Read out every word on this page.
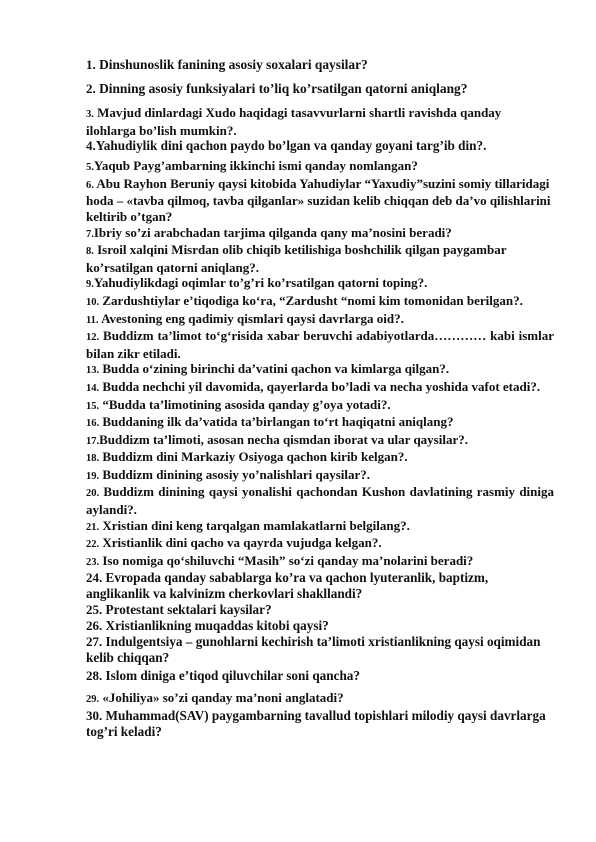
1. Dinshunoslik fanining asosiy soxalari qaysilar?

2. Dinning asosiy funksiyalari to’liq ko’rsatilgan qatorni aniqlang?

3. Mavjud dinlardagi Xudo haqidagi tasavvurlarni shartli ravishda qanday ilohlarga bo’lish mumkin?.

4.Yahudiylik dini qachon paydo bo’lgan va qanday goyani targ’ib din?.

5.Yaqub Payg’ambarning ikkinchi ismi qanday nomlangan?

6. Abu Rayhon Beruniy qaysi kitobida Yahudiylar “Yaxudiy”suzini somiy tillaridagi hoda – «tavba qilmoq, tavba qilganlar» suzidan kelib chiqqan deb da’vo qilishlarini keltirib o’tgan?

7.Ibriy so’zi arabchadan tarjima qilganda qany ma’nosini beradi?

8. Isroil xalqini Misrdan olib chiqib ketilishiga boshchilik qilgan paygambar ko’rsatilgan qatorni aniqlang?.

9.Yahudiylikdagi oqimlar to’g’ri ko’rsatilgan qatorni toping?.

10. Zardushtiylar e’tiqodiga ko‘ra, “Zardusht “nomi kim tomonidan berilgan?.

11. Avestoning eng qadimiy qismlari qaysi davrlarga oid?.

12. Buddizm ta’limot to‘g‘risida xabar beruvchi adabiyotlarda………… kabi ismlar bilan zikr etiladi.

13. Budda o‘zining birinchi da’vatini qachon va kimlarga qilgan?.

14. Budda nechchi yil davomida, qayerlarda bo’ladi va necha yoshida vafot etadi?.

15. “Budda ta’limotining asosida qanday g’oya yotadi?.

16. Buddaning ilk da’vatida ta’birlangan to‘rt haqiqatni aniqlang?

17.Buddizm ta’limoti, asosan necha qismdan iborat va ular qaysilar?.

18. Buddizm dini Markaziy Osiyoga qachon kirib kelgan?.

19. Buddizm dinining asosiy yo’nalishlari qaysilar?.

20. Buddizm dinining qaysi yonalishi qachondan Kushon davlatining rasmiy diniga aylandi?.

21. Xristian dini keng tarqalgan mamlakatlarni belgilang?.

22. Xristianlik dini qacho va qayrda vujudga kelgan?.

23. Iso nomiga qo‘shiluvchi “Masih” so‘zi qanday ma’nolarini beradi?

24. Evropada qanday sabablarga ko’ra va qachon lyuteranlik, baptizm, anglikanlik va kalvinizm cherkovlari shakllandi?

25. Protestant sektalari kaysilar?

26. Xristianlikning muqaddas kitobi qaysi?

27. Indulgentsiya – gunohlarni kechirish ta’limoti xristianlikning qaysi oqimidan kelib chiqqan?

28. Islom diniga e’tiqod qiluvchilar soni qancha?

29. «Johiliya» so’zi qanday ma’noni anglatadi?

30. Muhammad(SAV) paygambarning tavallud topishlari milodiy qaysi davrlarga tog’ri keladi?
